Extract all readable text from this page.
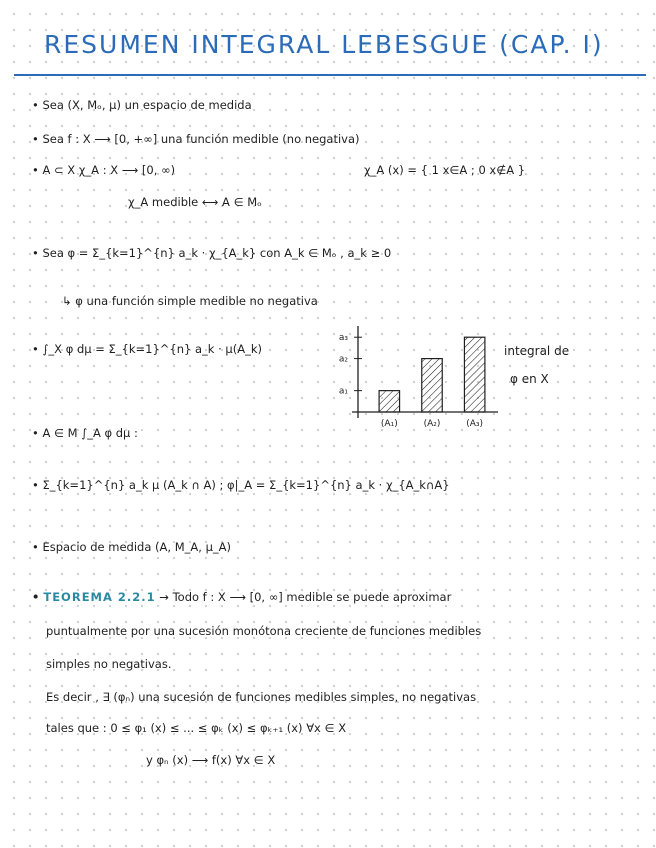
RESUMEN INTEGRAL LEBESGUE (CAP. I)
• Sea (X, Mₒ, μ) un espacio de medida
• Sea f : X ⟶ [0, +∞] una función medible (no negativa)
• A ⊂ X χ_A : X ⟶ [0, ∞)	χ_A (x) = { 1 x∈A ; 0 x∉A }
χ_A medible ⟷ A ∈ Mₒ
• Sea φ = Σ_{k=1}^{n} a_k · χ_{A_k} con A_k ∈ Mₒ , a_k ≥ 0
↳ φ una función simple medible no negativa
• ∫_X φ dμ = Σ_{k=1}^{n} a_k · μ(A_k)
a₁
a₂
a₃
(A₁)	(A₂)	(A₃)
integral de
φ en X
• A ∈ M ∫_A φ dμ :
• Σ_{k=1}^{n} a_k μ (A_k ∩ A) ; φ|_A = Σ_{k=1}^{n} a_k · χ_{A_k∩A}
• Espacio de medida (A, M_A, μ_A)
• TEOREMA 2.2.1 → Todo f : X ⟶ [0, ∞] medible se puede aproximar
puntualmente por una sucesión monótona creciente de funciones medibles
simples no negativas.
Es decir , ∃ (φₙ) una sucesión de funciones medibles simples, no negativas
tales que : 0 ≤ φ₁ (x) ≤ ... ≤ φₖ (x) ≤ φₖ₊₁ (x) ∀x ∈ X
y φₙ (x) ⟶ f(x) ∀x ∈ X
